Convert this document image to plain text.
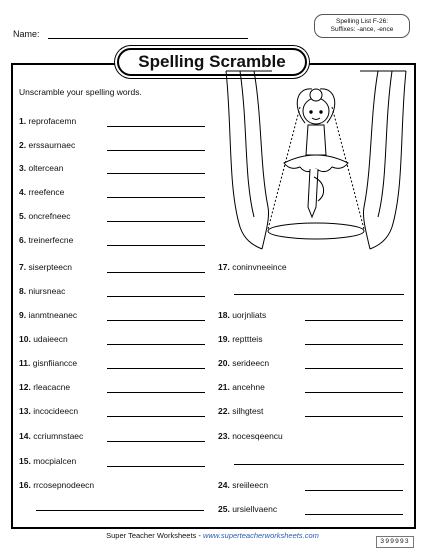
Name:
Spelling List F-26:
Suffixes: -ance, -ence
Spelling Scramble
Unscramble your spelling words.
1. reprofacemn
2. erssaurnaec
3. oltercean
4. rreefence
5. oncrefneec
6. treinerfecne
7. siserpteecn
8. niursneac
9. ianmtneanec
10. udaieecn
11. gisnfiiancce
12. rleacacne
13. incocideecn
14. ccriumnstaec
15. mocpialcen
16. rrcosepnodeecn
17. coninvneeince
18. uorjnliats
19. repttteis
20. serideecn
21. ancehne
22. silhgtest
23. nocesqeencu
24. sreiileecn
25. ursiellvaenc
Super Teacher Worksheets - www.superteacherworksheets.com
399993
